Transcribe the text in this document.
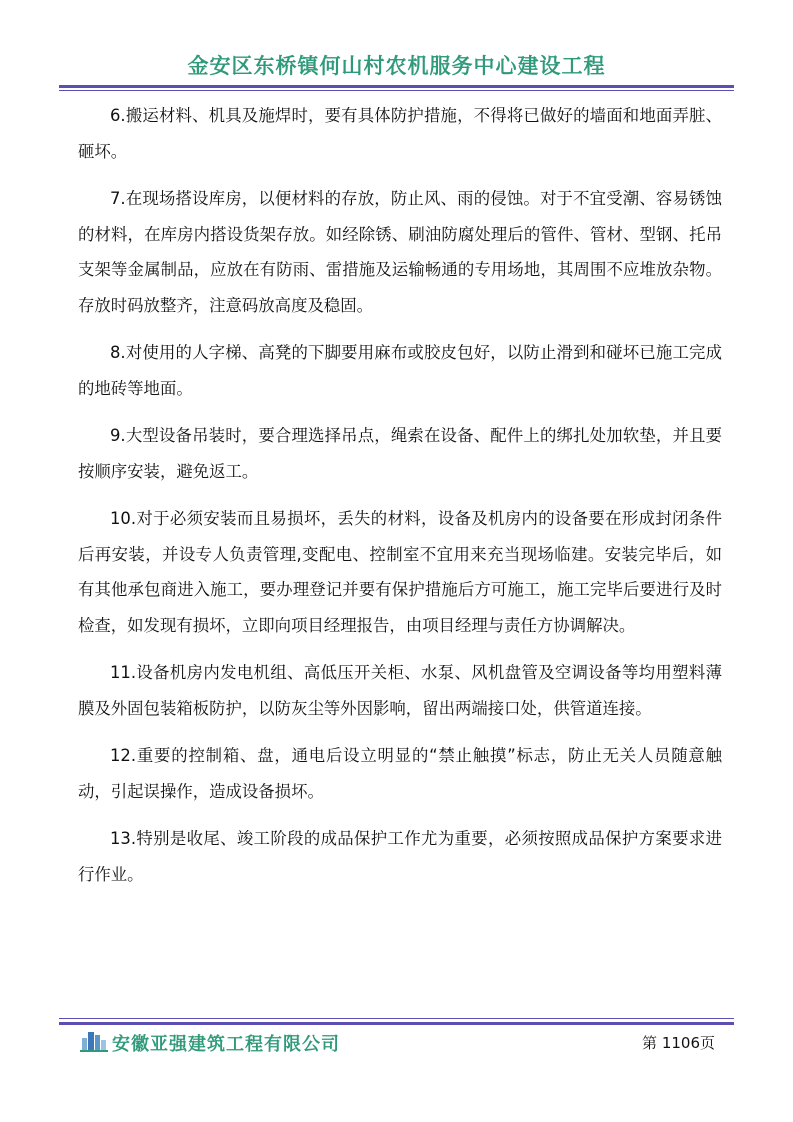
金安区东桥镇何山村农机服务中心建设工程

6.搬运材料、机具及施焊时，要有具体防护措施，不得将已做好的墙面和地面弄脏、砸坏。

7.在现场搭设库房，以便材料的存放，防止风、雨的侵蚀。对于不宜受潮、容易锈蚀的材料，在库房内搭设货架存放。如经除锈、刷油防腐处理后的管件、管材、型钢、托吊支架等金属制品，应放在有防雨、雷措施及运输畅通的专用场地，其周围不应堆放杂物。存放时码放整齐，注意码放高度及稳固。

8.对使用的人字梯、高凳的下脚要用麻布或胶皮包好，以防止滑到和碰坏已施工完成的地砖等地面。

9.大型设备吊装时，要合理选择吊点，绳索在设备、配件上的绑扎处加软垫，并且要按顺序安装，避免返工。

10.对于必须安装而且易损坏，丢失的材料，设备及机房内的设备要在形成封闭条件后再安装，并设专人负责管理,变配电、控制室不宜用来充当现场临建。安装完毕后，如有其他承包商进入施工，要办理登记并要有保护措施后方可施工，施工完毕后要进行及时检查，如发现有损坏，立即向项目经理报告，由项目经理与责任方协调解决。

11.设备机房内发电机组、高低压开关柜、水泵、风机盘管及空调设备等均用塑料薄膜及外固包装箱板防护，以防灰尘等外因影响，留出两端接口处，供管道连接。

12.重要的控制箱、盘，通电后设立明显的“禁止触摸”标志，防止无关人员随意触动，引起误操作，造成设备损坏。

13.特别是收尾、竣工阶段的成品保护工作尤为重要，必须按照成品保护方案要求进行作业。

安徽亚强建筑工程有限公司	第 1106页
